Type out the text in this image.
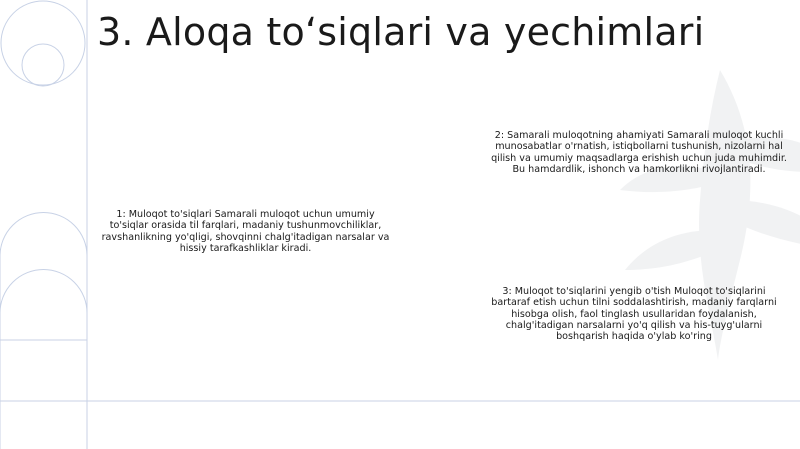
3. Aloqa to‘siqlari va yechimlari

1: Muloqot to'siqlari Samarali muloqot uchun umumiy to'siqlar orasida til farqlari, madaniy tushunmovchiliklar, ravshanlikning yo'qligi, shovqinni chalg'itadigan narsalar va hissiy tarafkashliklar kiradi.

2: Samarali muloqotning ahamiyati Samarali muloqot kuchli munosabatlar o'rnatish, istiqbollarni tushunish, nizolarni hal qilish va umumiy maqsadlarga erishish uchun juda muhimdir. Bu hamdardlik, ishonch va hamkorlikni rivojlantiradi.

3: Muloqot to'siqlarini yengib o'tish Muloqot to'siqlarini bartaraf etish uchun tilni soddalashtirish, madaniy farqlarni hisobga olish, faol tinglash usullaridan foydalanish, chalg'itadigan narsalarni yo'q qilish va his-tuyg'ularni boshqarish haqida o'ylab ko'ring
